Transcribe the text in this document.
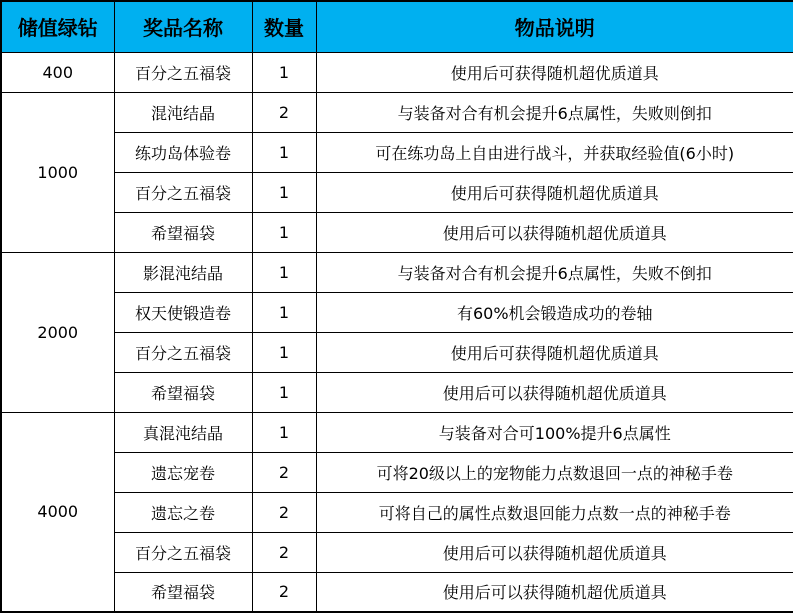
储值绿钻	奖品名称	数量	物品说明
400	百分之五福袋	1	使用后可获得随机超优质道具
1000	混沌结晶	2	与装备对合有机会提升6点属性，失败则倒扣
	练功岛体验卷	1	可在练功岛上自由进行战斗，并获取经验值(6小时)
	百分之五福袋	1	使用后可获得随机超优质道具
	希望福袋	1	使用后可以获得随机超优质道具
2000	影混沌结晶	1	与装备对合有机会提升6点属性，失败不倒扣
	权天使锻造卷	1	有60%机会锻造成功的卷轴
	百分之五福袋	1	使用后可获得随机超优质道具
	希望福袋	1	使用后可以获得随机超优质道具
4000	真混沌结晶	1	与装备对合可100%提升6点属性
	遗忘宠卷	2	可将20级以上的宠物能力点数退回一点的神秘手卷
	遗忘之卷	2	可将自己的属性点数退回能力点数一点的神秘手卷
	百分之五福袋	2	使用后可以获得随机超优质道具
	希望福袋	2	使用后可以获得随机超优质道具
